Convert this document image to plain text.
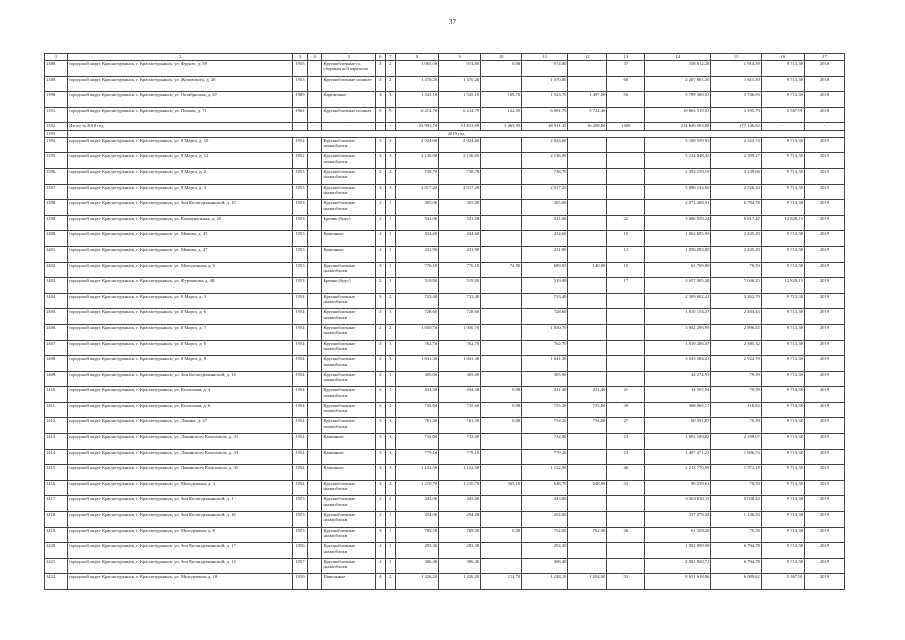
37
1	2	3	4	5	6	7	8	9	10	11	12	13	14	15	16	17
1388.	городской округ Краснотурьинск, г. Краснотурьинск, ул. Фрунзе, д. 59	1955		Крупноблочные со сборным ж/б каркасом	3	2	1 065,00	974,00	0,00	974,00		37	558 612,28	1 914,39	9 713,38	2018
1389.	городской округ Краснотурьинск, г. Краснотурьинск, ул. Жуковского, д. 20	1953		Крупноблочные силикат	3	2	1 370,20	1 370,20		1 370,00		60	2 207 801,20	1 611,30	9 713,38	2018
1390.	городской округ Краснотурьинск, г. Краснотурьинск, ул. Октябрьская, д. 67	1989		Кирпичные	3	3	1 545,10	1 545,10	169,70	1 523,70	1 497,00	56	5 789 300,03	3 746,93	9 713,38	2018
1391.	городской округ Краснотурьинск, г. Краснотурьинск, ул. Попова, д. 71	1961		Крупноблочные силикат	5	9	6 214,70	6 214,70	122,05	6 081,70	5 722,40		19 863 518,03	3 195,79	5 567,91	2018
1392.	Итого за 2018 год	-	-	-	-	-	52 993,70	51 823,00	3 463,95	48 911,35	16 208,00	1409	214 649 083,88	177 146,62	-	-
1393.	2019 год															
1394.	городской округ Краснотурьинск, г. Краснотурьинск, ул. 8 Марта, д. 10	1952		Крупноблочные шлакоблоки	3	3	2 024,60	2 024,60		2 024,60			5 109 559,93	2 523,74	9 713,38	2019
1395.	городской округ Краснотурьинск, г. Краснотурьинск, ул. 8 Марта, д. 12	1952		Крупноблочные шлакоблоки	3	3	2 136,00	2 136,00		2 136,00			5 124 848,45	2 399,27	9 713,38	2019
1396.	городской округ Краснотурьинск, г. Краснотурьинск, ул. 8 Марта, д. 2	1953		Крупноблочные шлакоблоки	2	2	738,70	738,70		738,70			2 393 159,19	3 239,66	9 713,38	2019
1397.	городской округ Краснотурьинск, г. Краснотурьинск, ул. 8 Марта, д. 4	1953		Крупноблочные шлакоблоки	3	3	2 017,20	2 017,20		2 017,20			5 096 134,60	2 526,34	9 713,38	2019
1398.	городской округ Краснотурьинск, г. Краснотурьинск, ул. Зои Космодемьянской, д. 15	1953		Крупноблочные шлакоблоки	2	1	305,00	305,00		305,00			2 072 408,91	6 794,78	9 713,38	2019
1399.	городской округ Краснотурьинск, г. Краснотурьинск, ул. Коммунальная, д. 2б	1953		Бревно (брус)	2	1	541,00	541,00		541,00		22	3 686 059,24	6 817,42	12 829,13	2019
1400.	городской округ Краснотурьинск, г. Краснотурьинск, ул. Микова, д. 45	1953		Каменные	2	1	434,60	434,60		434,60		15	1 062 685,93	2 445,20	9 713,38	2019
1401.	городской округ Краснотурьинск, г. Краснотурьинск, ул. Микова, д. 47	1953		Каменные	2	1	431,90	431,90		431,90		13	1 056 083,85	2 445,20	9 713,38	2019
1402.	городской округ Краснотурьинск, г. Краснотурьинск, ул. Молодежная, д. 6	1953		Крупноблочные шлакоблоки	3	1	776,10	776,10	74,80	689,03	140,00	15	61 769,80	79,59	9 713,38	2019
1403.	городской округ Краснотурьинск, г. Краснотурьинск, ул. Фурманова, д. 48	1953		Бревно (брус)	2	1	519,00	519,00		519,00		17	3 657 005,38	7 046,25	12 829,13	2019
1404.	городской округ Краснотурьинск, г. Краснотурьинск, ул. 8 Марта, д. 3	1954		Крупноблочные шлакоблоки	3	2	733,40	733,40		733,40			2 389 602,41	3 262,79	9 713,38	2019
1405.	городской округ Краснотурьинск, г. Краснотурьинск, ул. 8 Марта, д. 6	1954		Крупноблочные шлакоблоки	3	1	728,60	728,60		728,60			1 810 154,27	2 484,43	9 713,38	2019
1406.	городской округ Краснотурьинск, г. Краснотурьинск, ул. 8 Марта, д. 7	1954		Крупноблочные шлакоблоки	2	2	1 050,70	1 050,70		1 050,70			3 042 296,99	2 896,45	9 713,38	2019
1407.	городской округ Краснотурьинск, г. Краснотурьинск, ул. 8 Марта, д. 8	1954		Крупноблочные шлакоблоки	3	1	762,70	762,70		762,70			1 819 286,47	2 385,32	9 713,38	2019
1408.	городской округ Краснотурьинск, г. Краснотурьинск, ул. 8 Марта, д. 9	1954		Крупноблочные шлакоблоки	2	3	1 041,30	1 041,30		1 041,30			3 043 584,41	2 924,79	9 713,38	2019
1409.	городской округ Краснотурьинск, г. Краснотурьинск, ул. Зои Космодемьянской, д. 14	1954		Крупноблочные шлакоблоки	2	1	305,00	305,00		305,00			24 274,95	79,59	9 713,38	2019
1410.	городской округ Краснотурьинск, г. Краснотурьинск, ул. Колхозная, д. 4	1954		Крупноблочные шлакоблоки	2	1	434,30	434,30	0,00	431,40	431,40	21	34 565,94	79,59	9 713,38	2019
1411.	городской округ Краснотурьинск, г. Краснотурьинск, ул. Колхозная, д. 6	1954		Крупноблочные шлакоблоки	2	2	735,60	735,60	0,00	735,20	735,00	30	308 065,17	418,82	9 713,38	2019
1412.	городской округ Краснотурьинск, г. Краснотурьинск, ул. Ленина, д. 27	1954		Крупноблочные шлакоблоки	3	1	761,30	761,30	0,00	754,10	754,00	27	60 591,87	79,59	9 713,38	2019
1413.	городской округ Краснотурьинск, г. Краснотурьинск, ул. Ленинского Комсомола, д. 31	1954		Каменные	3	1	732,00	732,00		732,00		23	1 682 189,03	2 298,07	9 713,38	2019
1414.	городской округ Краснотурьинск, г. Краснотурьинск, ул. Ленинского Комсомола, д. 33	1954		Каменные	3	1	779,10	779,10		779,10		23	1 407 471,23	1 806,53	9 713,38	2019
1415.	городской округ Краснотурьинск, г. Краснотурьинск, ул. Ленинского Комсомола, д. 35	1954		Каменные	3	3	1 122,50	1 122,50		1 122,50		46	2 213 770,09	1 972,18	9 713,38	2019
1416.	городской округ Краснотурьинск, г. Краснотурьинск, ул. Молодежная, д. 4	1954		Крупноблочные шлакоблоки	3	2	1 210,70	1 210,70	365,10	648,70	648,00	33	96 359,61	79,59	9 713,38	2019
1417.	городской округ Краснотурьинск, г. Краснотурьинск, ул. Зои Космодемьянской, д. 1	1955		Крупноблочные шлакоблоки	2	2	443,00	443,00		443,00			4 004 030,11	9 038,44	9 713,38	2019
1418.	городской округ Краснотурьинск, г. Краснотурьинск, ул. Зои Космодемьянской, д. 16	1955		Крупноблочные шлакоблоки	2	1	294,00	294,00		294,00			337 079,54	1 146,53	9 713,38	2019
1419.	городской округ Краснотурьинск, г. Краснотурьинск, ул. Молодежная, д. 8	1955		Крупноблочные шлакоблоки	3	1	769,50	769,50	0,00	762,00	762,00	26	61 528,20	79,59	9 713,38	2019
1420.	городской округ Краснотурьинск, г. Краснотурьинск, ул. Зои Космодемьянской, д. 17	1956		Крупноблочные шлакоблоки	2	1	293,30	293,30		293,30			1 992 909,99	6 794,78	9 713,38	2019
1421.	городской округ Краснотурьинск, г. Краснотурьинск, ул. Зои Космодемьянской, д. 13	1957		Крупноблочные шлакоблоки	2	1	306,40	306,40		306,40			2 081 920,71	6 794,78	9 713,38	2019
1422.	городской округ Краснотурьинск, г. Краснотурьинск, ул. Молодежная, д. 18	1959		Панельные	4	2	1 426,20	1 426,20	114,70	1 248,10	1 204,00	53	8 631 618,86	6 089,62	5 367,91	2019
